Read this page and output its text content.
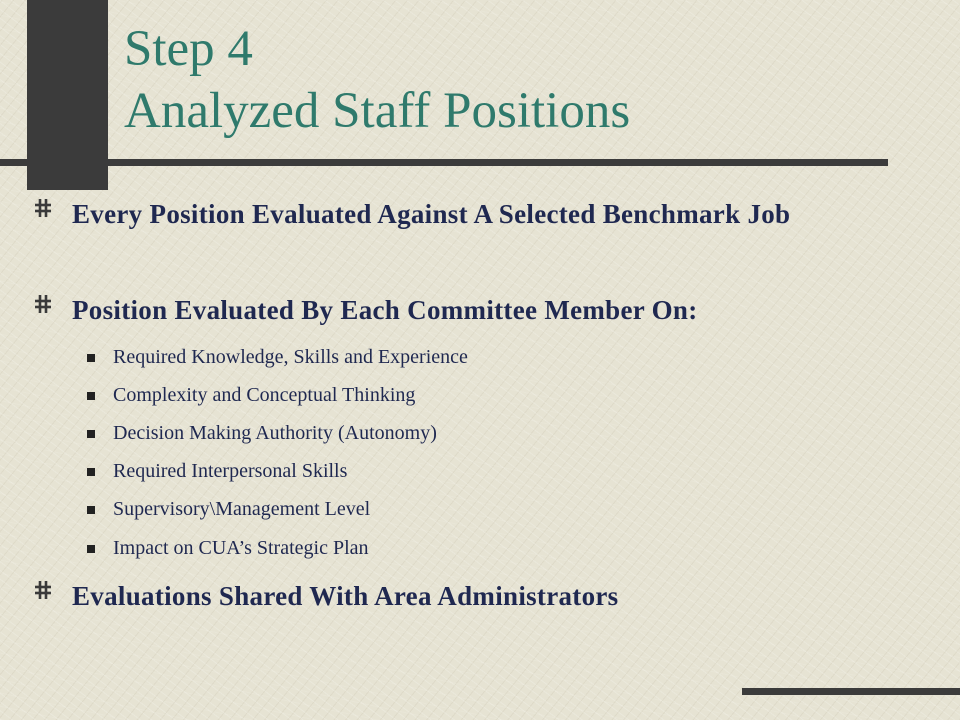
Step 4
Analyzed Staff Positions
Every Position Evaluated Against A Selected Benchmark Job
Position Evaluated By Each Committee Member On:
Required Knowledge, Skills and Experience
Complexity and Conceptual Thinking
Decision Making Authority (Autonomy)
Required Interpersonal Skills
Supervisory\Management Level
Impact on CUA’s Strategic Plan
Evaluations Shared With Area Administrators
